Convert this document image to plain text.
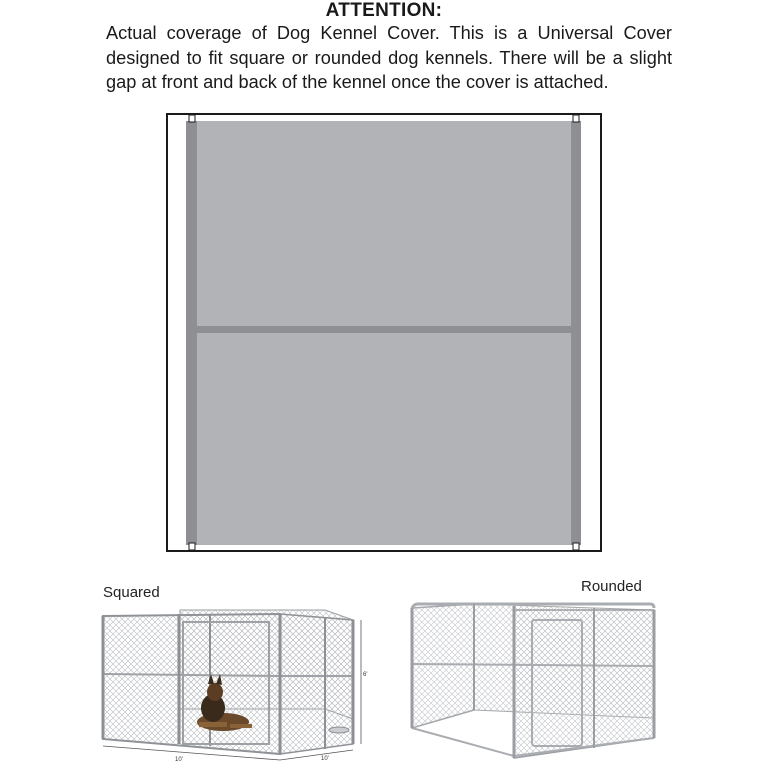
ATTENTION:

Actual coverage of Dog Kennel Cover. This is a Universal Cover designed to fit square or rounded dog kennels. There will be a slight gap at front and back of the kennel once the cover is attached.

Squared	Rounded
10'	10'
6'
